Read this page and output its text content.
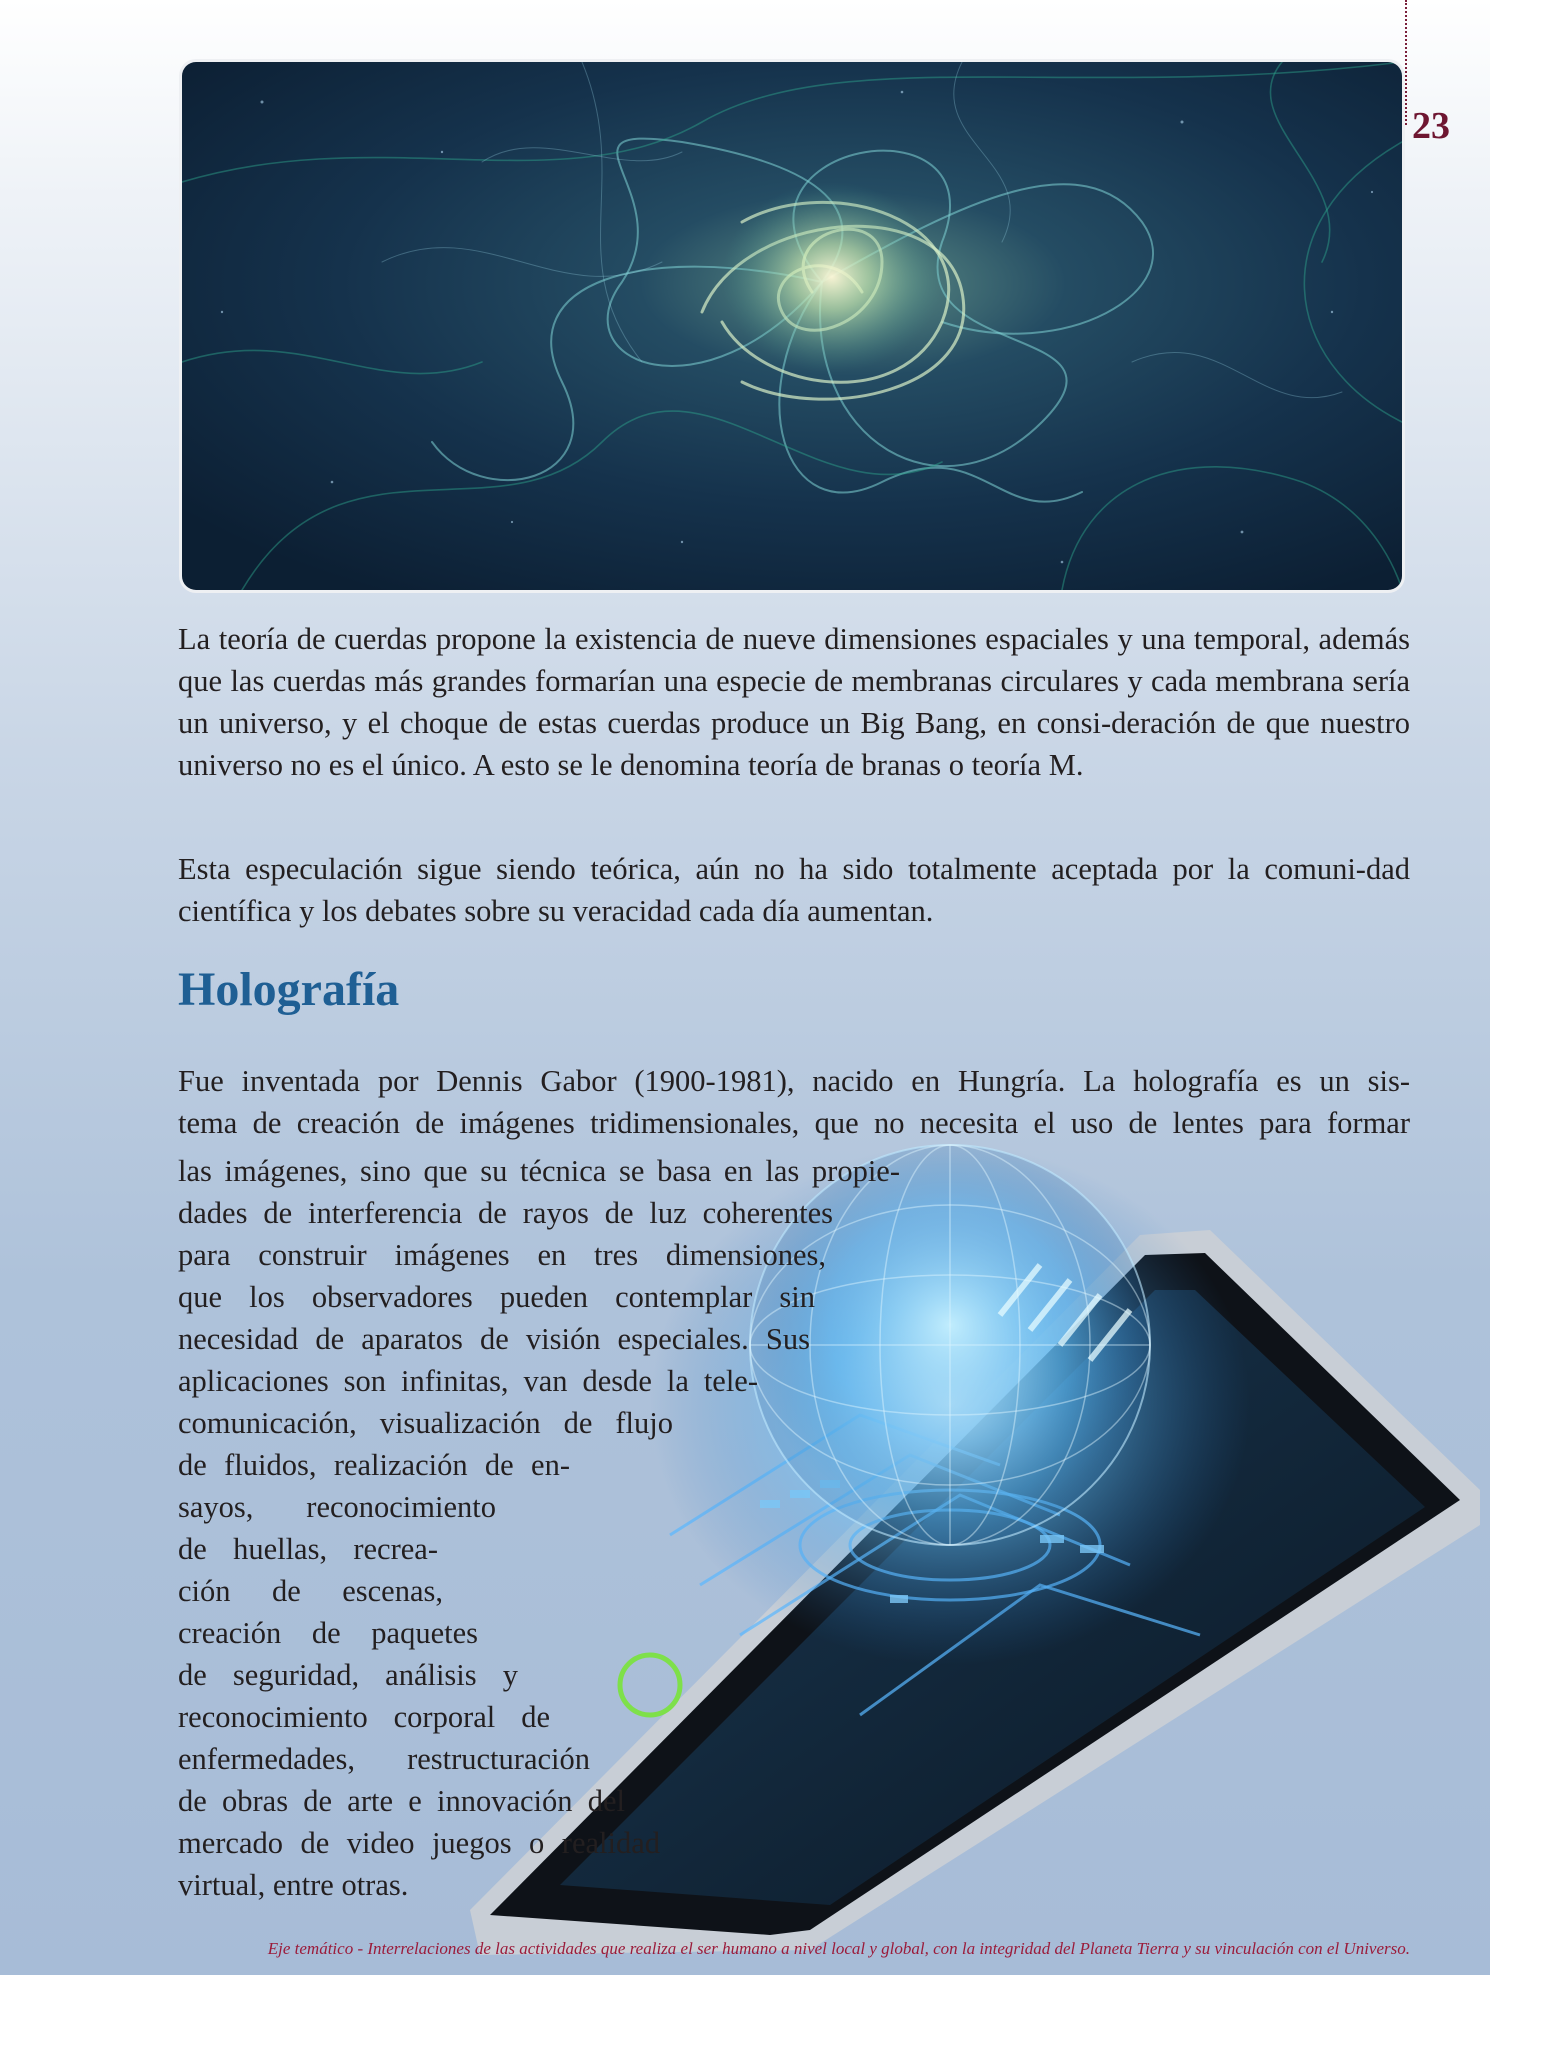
23

La teoría de cuerdas propone la existencia de nueve dimensiones espaciales y una temporal, además que las cuerdas más grandes formarían una especie de membranas circulares y cada membrana sería un universo, y el choque de estas cuerdas produce un Big Bang, en consi-deración de que nuestro universo no es el único. A esto se le denomina teoría de branas o teoría M.

Esta especulación sigue siendo teórica, aún no ha sido totalmente aceptada por la comuni-dad científica y los debates sobre su veracidad cada día aumentan.

Holografía
Fue inventada por Dennis Gabor (1900-1981), nacido en Hungría. La holografía es un sis-
tema de creación de imágenes tridimensionales, que no necesita el uso de lentes para formar
las imágenes, sino que su técnica se basa en las propie-
dades de interferencia de rayos de luz coherentes
para construir imágenes en tres dimensiones,
que los observadores pueden contemplar sin
necesidad de aparatos de visión especiales. Sus
aplicaciones son infinitas, van desde la tele-
comunicación, visualización de flujo
de fluidos, realización de en-
sayos, reconocimiento
de huellas, recrea-
ción de escenas,
creación de paquetes
de seguridad, análisis y
reconocimiento corporal de
enfermedades, restructuración
de obras de arte e innovación del
mercado de video juegos o realidad
virtual, entre otras.
Eje temático - Interrelaciones de las actividades que realiza el ser humano a nivel local y global, con la integridad del Planeta Tierra y su vinculación con el Universo.
